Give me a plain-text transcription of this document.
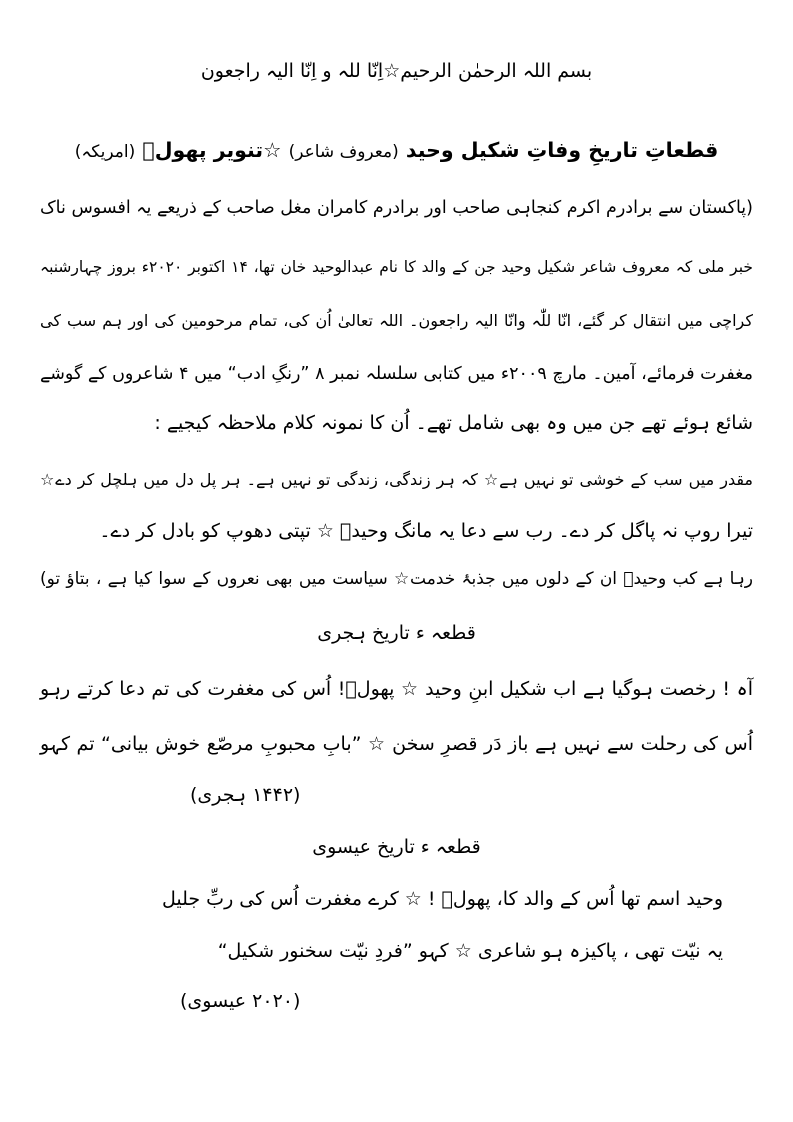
بسم اللہ الرحمٰن الرحیم☆اِنّا للہ و اِنّا الیہ راجعون
قطعاتِ تاریخِ وفاتِ شکیل وحید (معروف شاعر) ☆تنویر پھولؔ (امریکہ)
(پاکستان سے برادرم اکرم کنجاہی صاحب اور برادرم کامران مغل صاحب کے ذریعے یہ افسوس ناک
خبر ملی کہ معروف شاعر شکیل وحید جن کے والد کا نام عبدالوحید خان تھا، ۱۴ اکتوبر ۲۰۲۰ء بروز چہارشنبہ
کراچی میں انتقال کر گئے، انّا للّٰہ وانّا الیہ راجعون۔ اللہ تعالیٰ اُن کی، تمام مرحومین کی اور ہم سب کی
مغفرت فرمائے، آمین۔ مارچ ۲۰۰۹ء میں کتابی سلسلہ نمبر ۸ ”رنگِ ادب“ میں ۴ شاعروں کے گوشے
شائع ہوئے تھے جن میں وہ بھی شامل تھے۔ اُن کا نمونہ کلام ملاحظہ کیجیے :
مقدر میں سب کے خوشی تو نہیں ہے☆ کہ ہر زندگی، زندگی تو نہیں ہے۔ ہر پل دل میں ہلچل کر دے☆
تیرا روپ نہ پاگل کر دے۔ رب سے دعا یہ مانگ وحیدؔ ☆ تپتی دھوپ کو بادل کر دے۔
رہا ہے کب وحیدؔ ان کے دلوں میں جذبۂ خدمت☆ سیاست میں بھی نعروں کے سوا کیا ہے ، بتاؤ تو)
قطعہ ء تاریخ ہجری
آہ ! رخصت ہوگیا ہے اب شکیل ابنِ وحید ☆ پھولؔ! اُس کی مغفرت کی تم دعا کرتے رہو
اُس کی رحلت سے نہیں ہے باز دَر قصرِ سخن ☆ ”بابِ محبوبِ مرصّع خوش بیانی“ تم کہو
(۱۴۴۲ ہجری)
قطعہ ء تاریخ عیسوی
وحید اسم تھا اُس کے والد کا، پھولؔ ! ☆ کرے مغفرت اُس کی ربِّ جلیل
یہ نیّت تھی ، پاکیزہ ہو شاعری ☆ کہو ”فردِ نیّت سخنور شکیل“
(۲۰۲۰ عیسوی)
